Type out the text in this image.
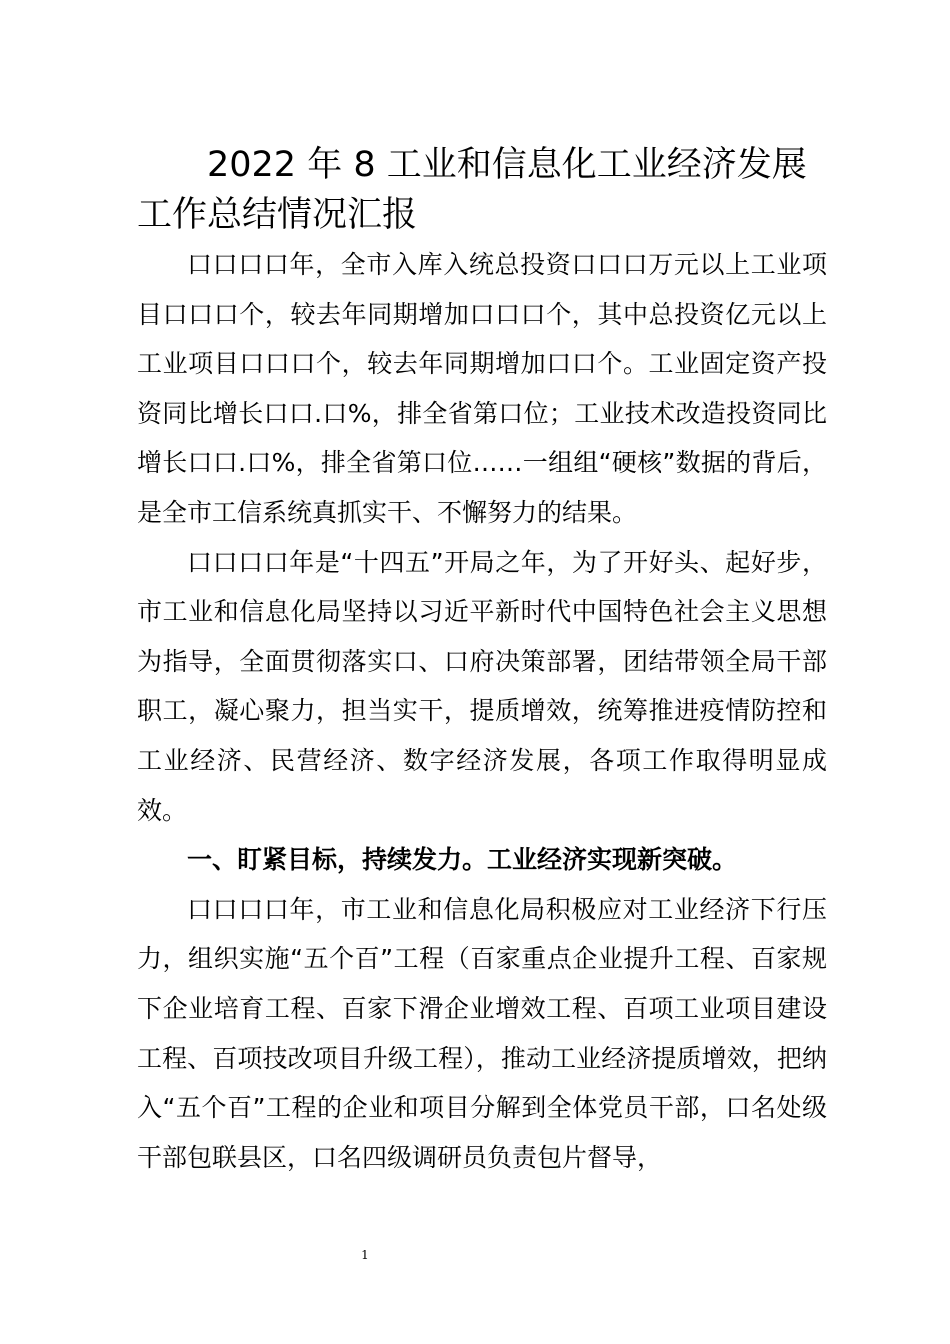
2022 年 8 工业和信息化工业经济发展
工作总结情况汇报

口口口口年，全市入库入统总投资口口口万元以上工业项目口口口个，较去年同期增加口口口个，其中总投资亿元以上工业项目口口口个，较去年同期增加口口个。工业固定资产投资同比增长口口.口%，排全省第口位；工业技术改造投资同比增长口口.口%，排全省第口位……一组组“硬核”数据的背后，是全市工信系统真抓实干、不懈努力的结果。

口口口口年是“十四五”开局之年，为了开好头、起好步，市工业和信息化局坚持以习近平新时代中国特色社会主义思想为指导，全面贯彻落实口、口府决策部署，团结带领全局干部职工，凝心聚力，担当实干，提质增效，统筹推进疫情防控和工业经济、民营经济、数字经济发展，各项工作取得明显成效。

一、盯紧目标，持续发力。工业经济实现新突破。

口口口口年，市工业和信息化局积极应对工业经济下行压力，组织实施“五个百”工程（百家重点企业提升工程、百家规下企业培育工程、百家下滑企业增效工程、百项工业项目建设工程、百项技改项目升级工程），推动工业经济提质增效，把纳入“五个百”工程的企业和项目分解到全体党员干部，口名处级干部包联县区，口名四级调研员负责包片督导，

1
